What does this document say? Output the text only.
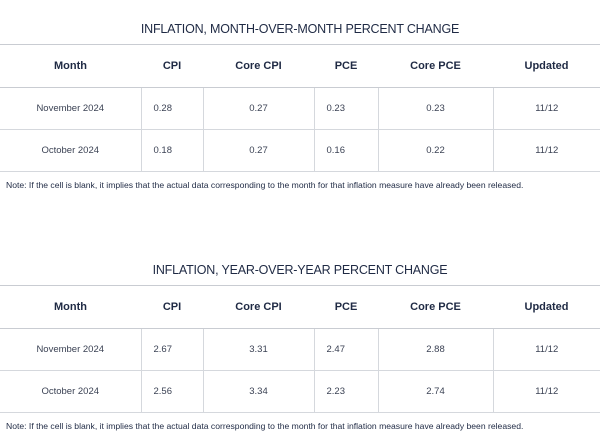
INFLATION, MONTH-OVER-MONTH PERCENT CHANGE
Month	CPI	Core CPI	PCE	Core PCE	Updated
November 2024	0.28	0.27	0.23	0.23	11/12
October 2024	0.18	0.27	0.16	0.22	11/12
Note: If the cell is blank, it implies that the actual data corresponding to the month for that inflation measure have already been released.
INFLATION, YEAR-OVER-YEAR PERCENT CHANGE
Month	CPI	Core CPI	PCE	Core PCE	Updated
November 2024	2.67	3.31	2.47	2.88	11/12
October 2024	2.56	3.34	2.23	2.74	11/12
Note: If the cell is blank, it implies that the actual data corresponding to the month for that inflation measure have already been released.
